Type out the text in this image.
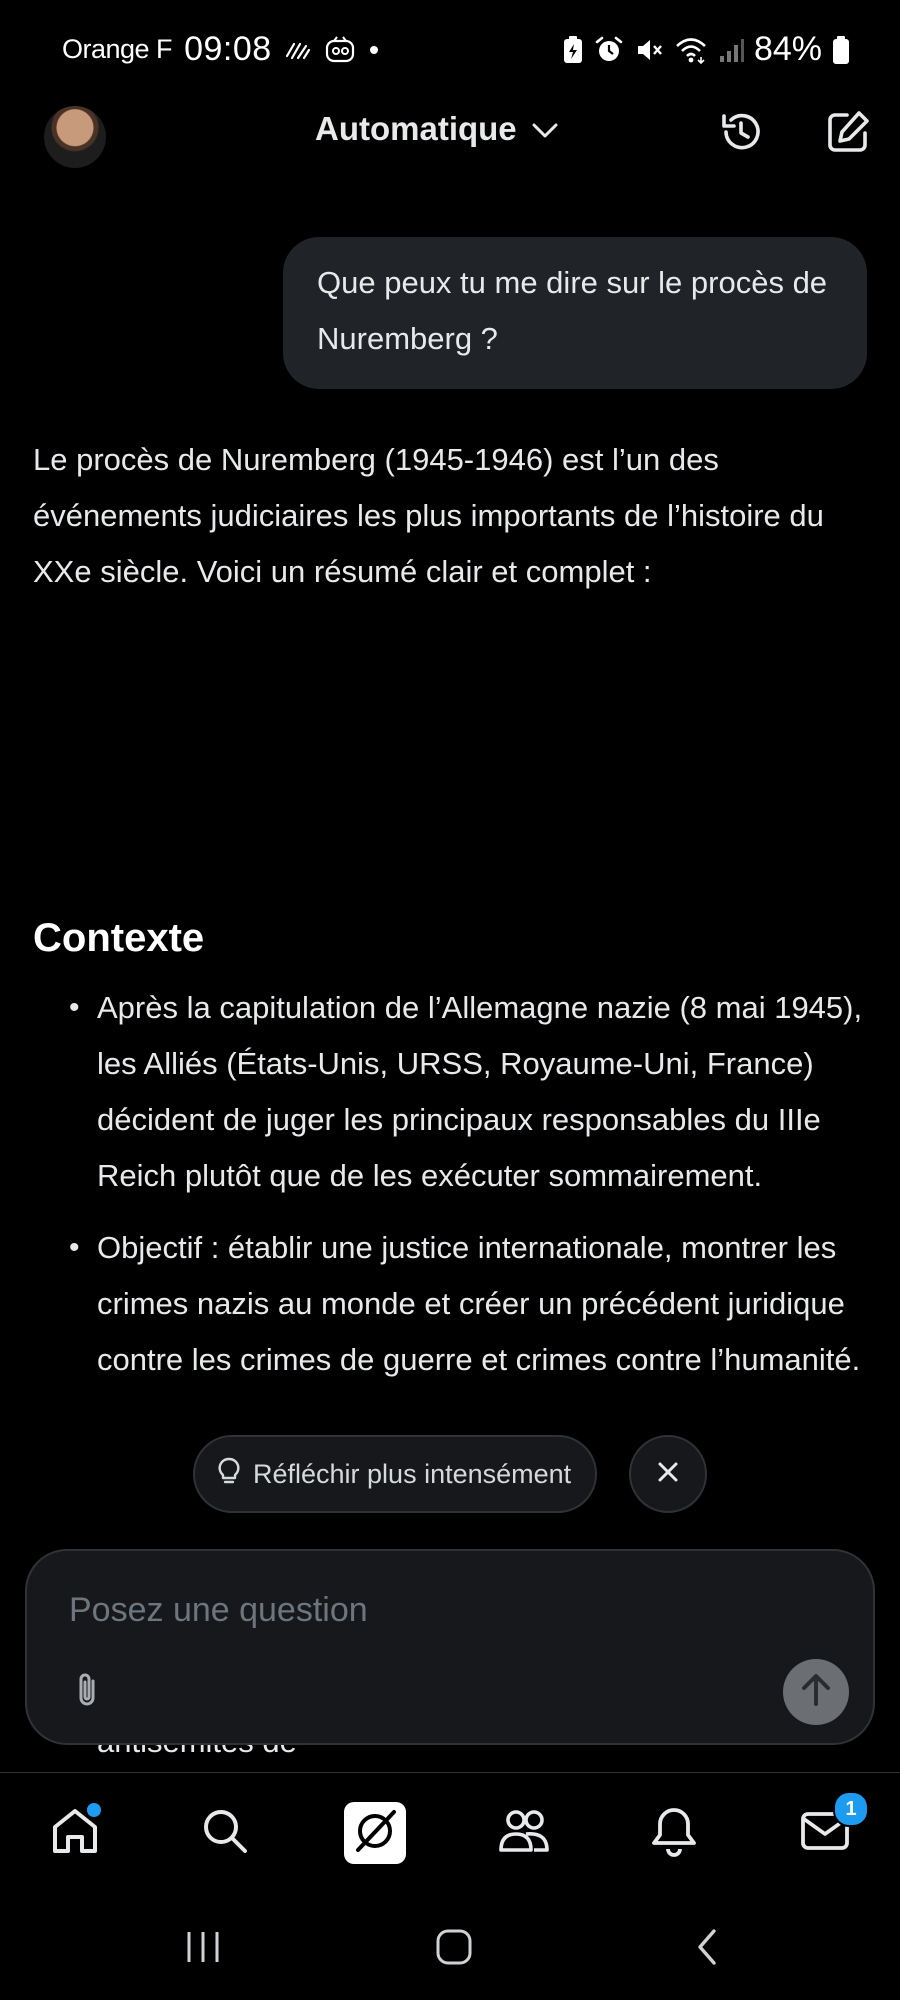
Orange F 09:08	84%
Automatique
Que peux tu me dire sur le procès de Nuremberg ?

Le procès de Nuremberg (1945-1946) est l’un des événements judiciaires les plus importants de l’histoire du XXe siècle. Voici un résumé clair et complet :

Contexte
• Après la capitulation de l’Allemagne nazie (8 mai 1945), les Alliés (États-Unis, URSS, Royaume-Uni, France) décident de juger les principaux responsables du IIIe Reich plutôt que de les exécuter sommairement.
• Objectif : établir une justice internationale, montrer les crimes nazis au monde et créer un précédent juridique contre les crimes de guerre et crimes contre l’humanité.
•
Réfléchir plus intensément
Posez une question
1
